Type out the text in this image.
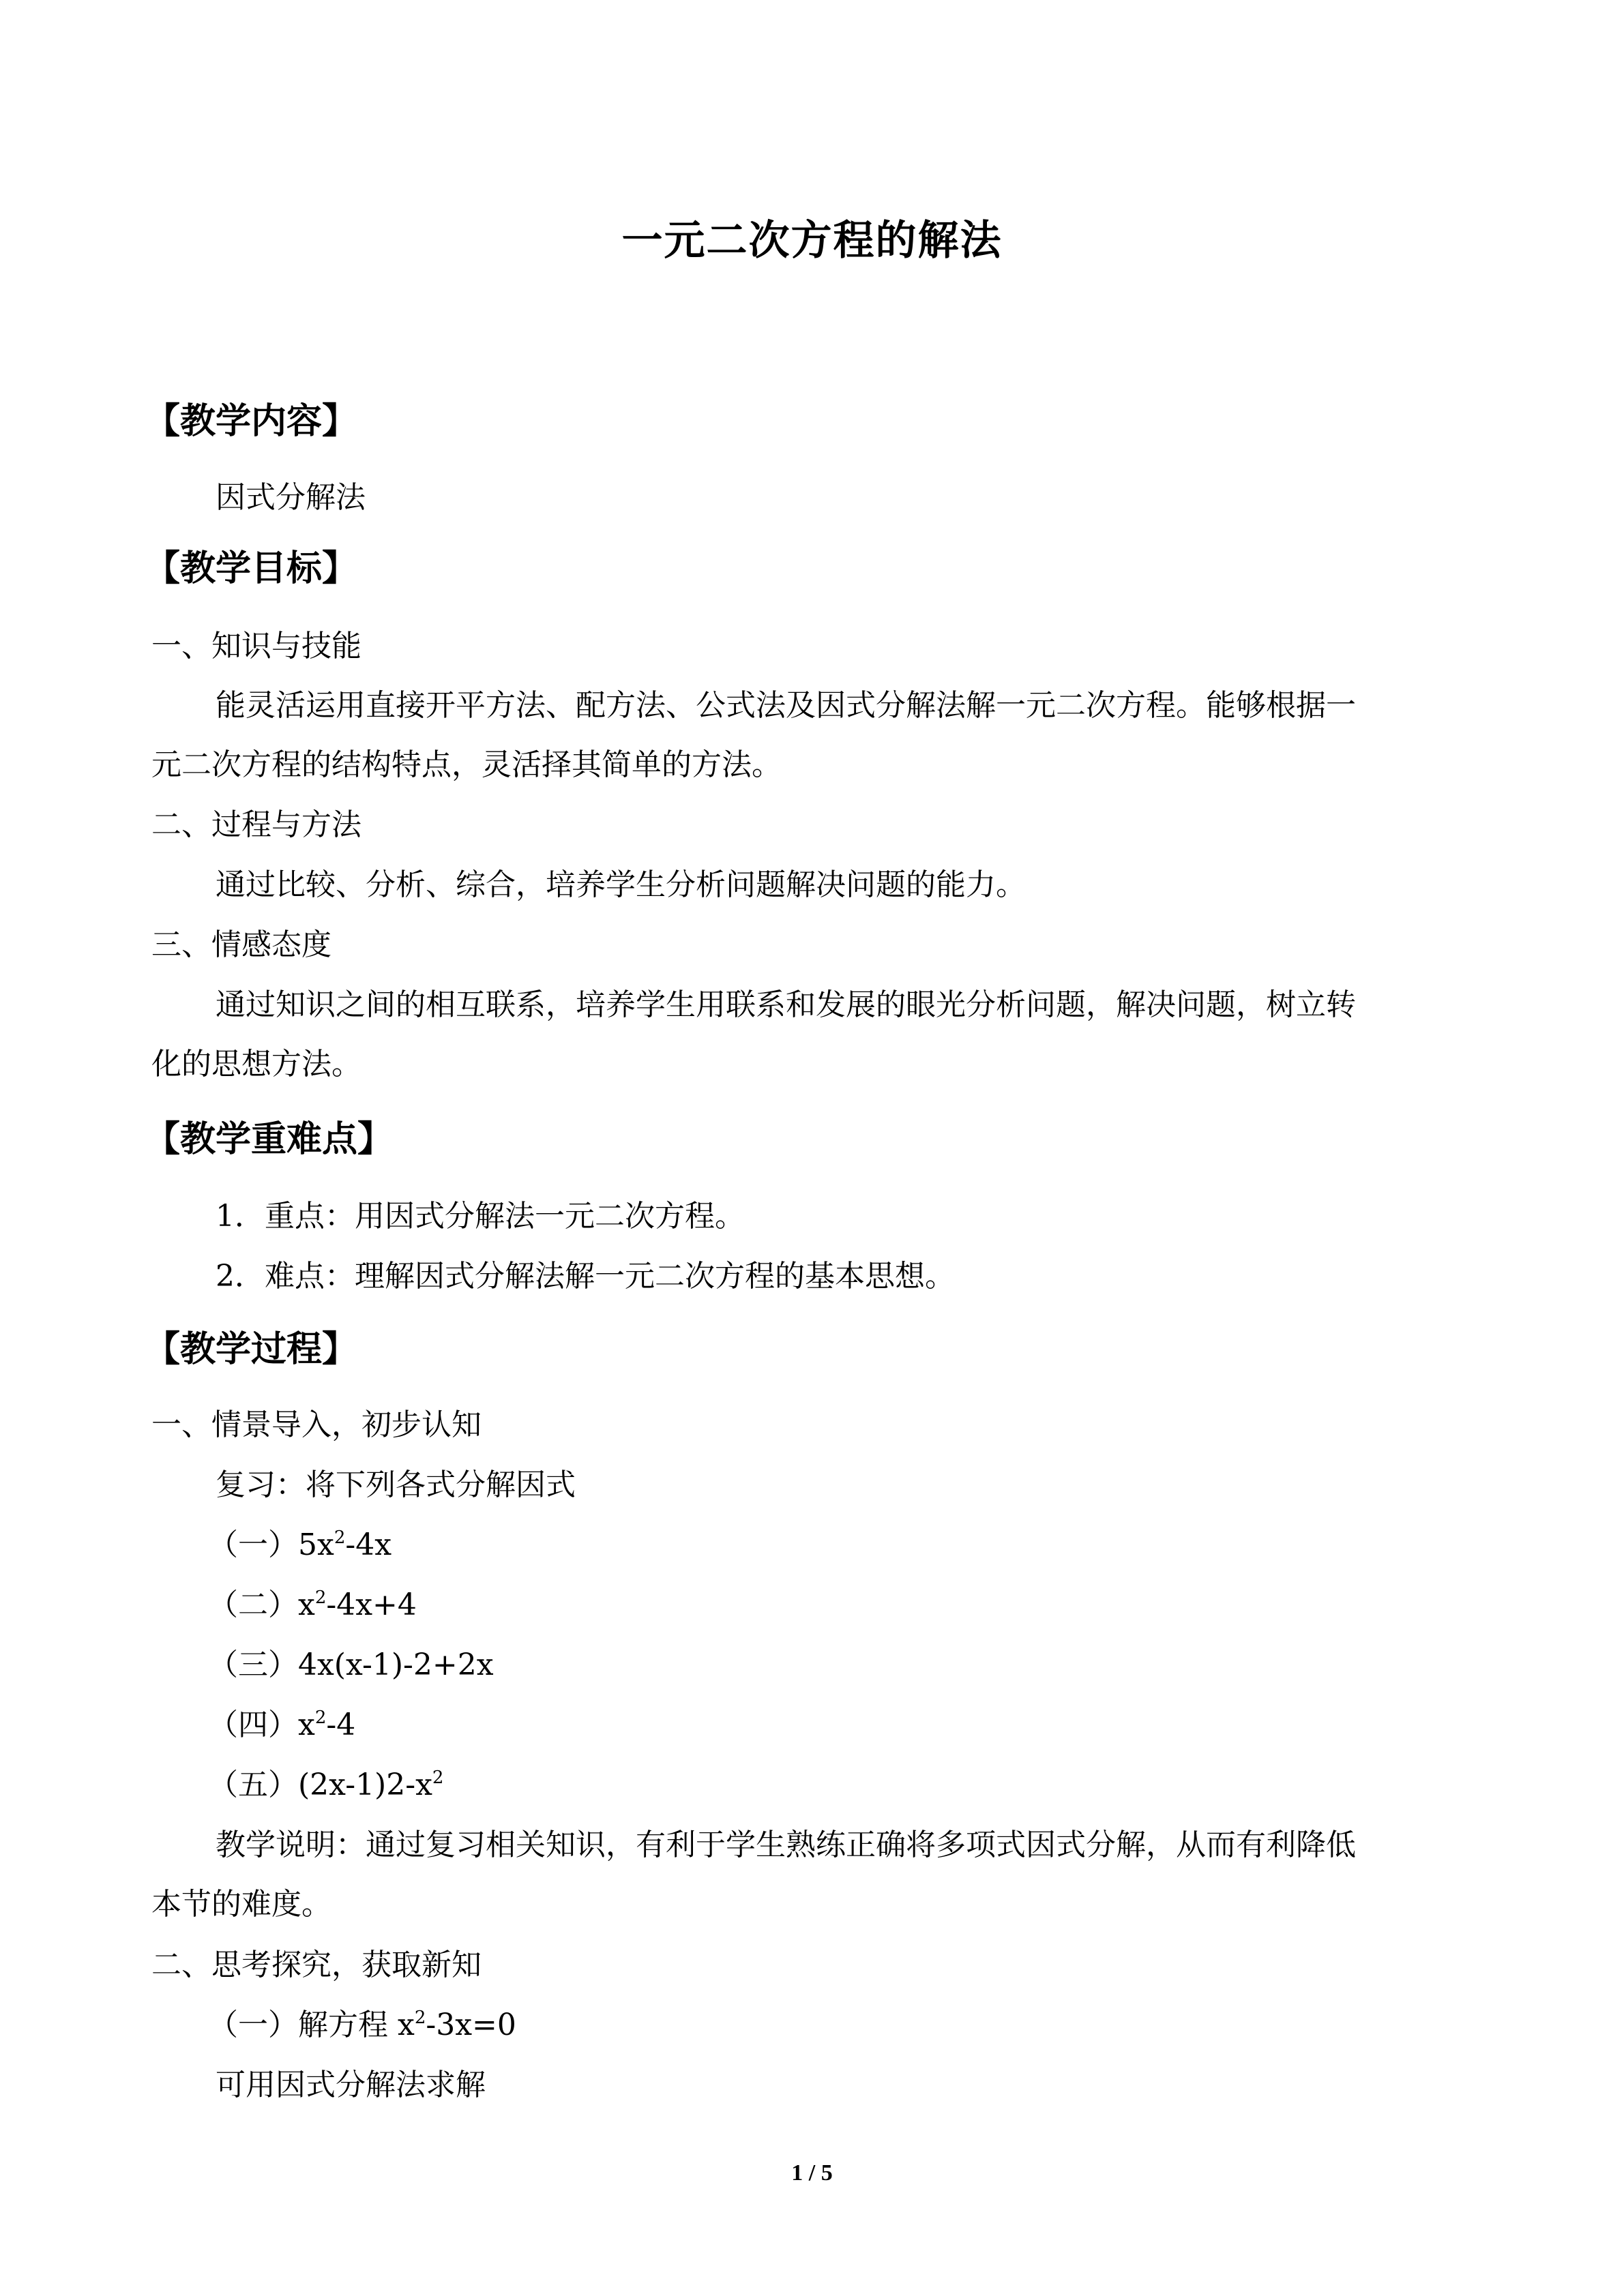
一元二次方程的解法
【教学内容】
因式分解法
【教学目标】
一、知识与技能
能灵活运用直接开平方法、配方法、公式法及因式分解法解一元二次方程。能够根据一
元二次方程的结构特点，灵活择其简单的方法。
二、过程与方法
通过比较、分析、综合，培养学生分析问题解决问题的能力。
三、情感态度
通过知识之间的相互联系，培养学生用联系和发展的眼光分析问题，解决问题，树立转
化的思想方法。
【教学重难点】
1．重点：用因式分解法一元二次方程。
2．难点：理解因式分解法解一元二次方程的基本思想。
【教学过程】
一、情景导入，初步认知
复习：将下列各式分解因式
（一）$5x^2-4x$
（二）$x^2-4x+4$
（三）4x(x-1)-2+2x
（四）$x^2-4$
（五）$(2x-1)2-x^2$
教学说明：通过复习相关知识，有利于学生熟练正确将多项式因式分解，从而有利降低
本节的难度。
二、思考探究，获取新知
（一）解方程 $x^2-3x=0$
可用因式分解法求解
1 / 5
